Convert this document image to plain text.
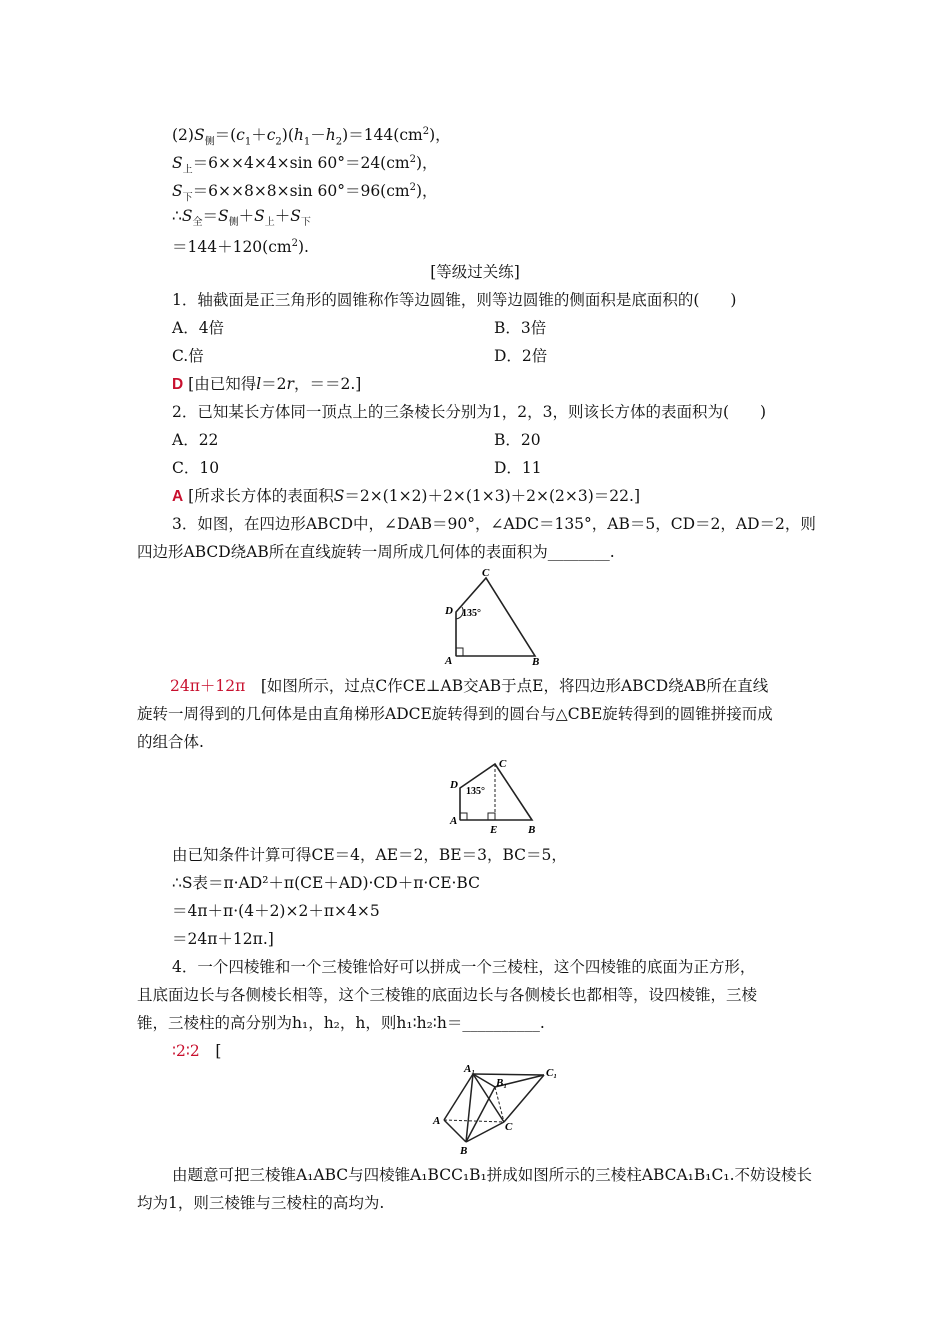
$(2)S_侧=(c_1+c_2)(h_1-h_2)=144(cm^2)$，
$S_上=6\times\times 4\times 4\times\sin$ $60^\circ=24(cm^2)$，
$S_下=6\times\times 8\times 8\times\sin$ $60^\circ=96(cm^2)$，
$\therefore S_全=S_侧+S_上+S_下$
$=144+120(cm^2)$.
[等级过关练]
1．轴截面是正三角形的圆锥称作等边圆锥，则等边圆锥的侧面积是底面积的(　　)
A．4倍	B．3倍
C.倍	D．2倍
D [由已知得l＝2r，＝＝2.]
2．已知某长方体同一顶点上的三条棱长分别为1，2，3，则该长方体的表面积为(　　)
A．22	B．20
C．10	D．11
A [所求长方体的表面积S＝2×(1×2)＋2×(1×3)＋2×(2×3)＝22.]
3．如图，在四边形ABCD中，∠DAB＝90°，∠ADC＝135°，AB＝5，CD＝2，AD＝2，则
四边形ABCD绕AB所在直线旋转一周所成几何体的表面积为________.
A	B
C
D 135°
24π＋12π　 [如图所示，过点C作CE⊥AB交AB于点E，将四边形ABCD绕AB所在直线
旋转一周得到的几何体是由直角梯形ADCE旋转得到的圆台与△CBE旋转得到的圆锥拼接而成
的组合体.
A
B
C
D
E
135°
由已知条件计算可得CE＝4，AE＝2，BE＝3，BC＝5，
∴S表＝π·AD²＋π(CE＋AD)·CD＋π·CE·BC
＝4π＋π·(4＋2)×2＋π×4×5
＝24π＋12π.]
4．一个四棱锥和一个三棱锥恰好可以拼成一个三棱柱，这个四棱锥的底面为正方形，
且底面边长与各侧棱长相等，这个三棱锥的底面边长与各侧棱长也都相等，设四棱锥，三棱
锥，三棱柱的高分别为h₁，h₂，h，则h₁∶h₂∶h＝__________.
∶2∶2　 [
A₁
B₁
C₁
A
B
C
由题意可把三棱锥A₁ABC与四棱锥A₁BCC₁B₁拼成如图所示的三棱柱ABCA₁B₁C₁.不妨设棱长
均为1，则三棱锥与三棱柱的高均为.
